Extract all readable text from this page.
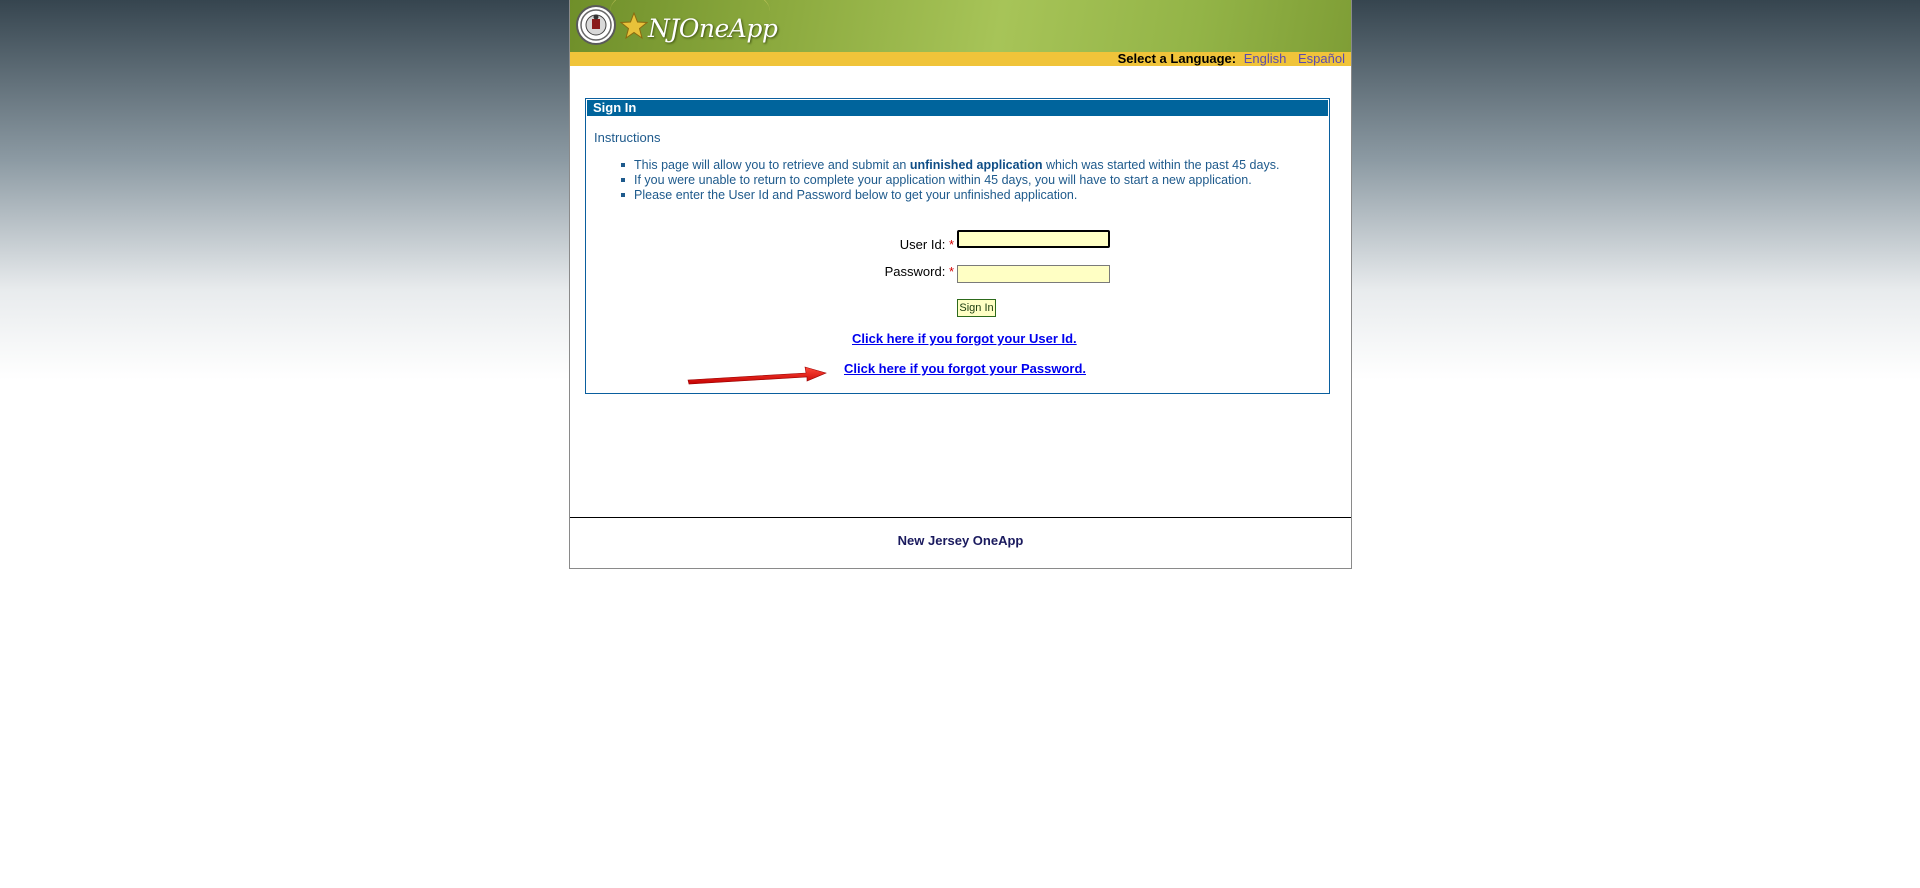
NJOneApp
Select a Language: English Español
Sign In
Instructions
This page will allow you to retrieve and submit an unfinished application which was started within the past 45 days.
If you were unable to return to complete your application within 45 days, you will have to start a new application.
Please enter the User Id and Password below to get your unfinished application.
User Id: *
Password: *
Sign In
Click here if you forgot your User Id.
Click here if you forgot your Password.
New Jersey OneApp
